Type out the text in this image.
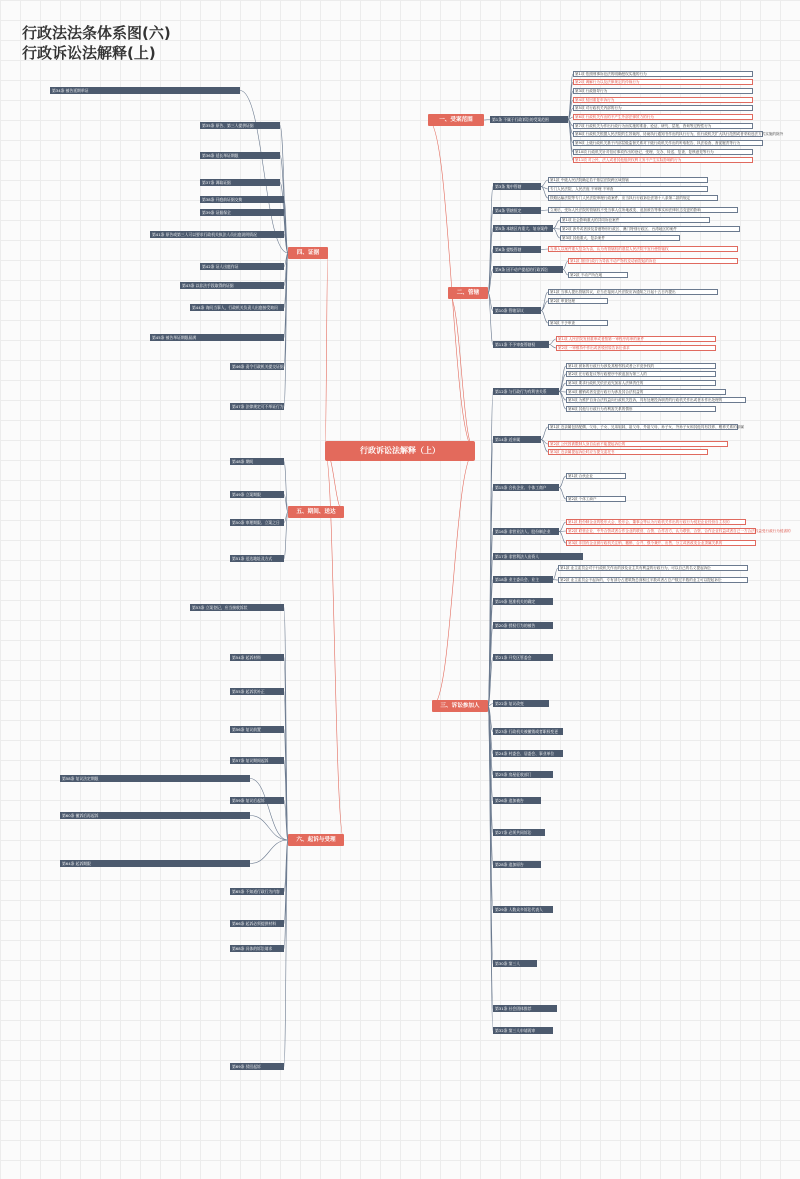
行政法法条体系图(六)
行政诉讼法解释(上)
行政诉讼法解释（上）
一、受案范围
二、管辖
三、诉讼参加人
四、证据
五、期间、送达
六、起诉与受理
第1条 不属于行政诉讼的受案范围
第1项 依照刑事诉讼法的明确授权实施的行为
第2项 调解行为以及法律规定的仲裁行为
第3项 行政指导行为
第4项 驳回重复申诉行为
第5项 对行政机关内部的行为
第6项 行政机关作出的不产生外部法律效力的行为
第7项 行政机关为作出行政行为而实施的准备、论证、研究、层报、咨询等过程性行为
第8项 行政机关根据人民法院的生效裁判、协助执行通知书作出的执行行为，但行政机关扩大执行范围或者采取违法方式实施的除外
第9项 上级行政机关基于内部层级监督关系对下级行政机关作出的听取报告、执法检查、督促履责等行为
第10项 行政机关针对信访事项作出的登记、受理、交办、转送、复查、复核意见等行为
第11项 对公民、法人或者其他组织权利义务不产生实际影响的行为
第3条 集中管辖
第1款 中级人民法院确定若干基层法院跨区域管辖
专门人民法院、人民法庭 不审理 不审查
铁路运输法院等专门人民法院审理行政案件，应当执行行政诉讼法第十八条第二款的规定
第4条 管辖恒定	立案后，受诉人民法院的管辖权不受当事人住所地改变、追加被告等事实和法律状态变更的影响
第5条 本辖区内重大、复杂案件
第1项 社会影响重大的共同诉讼案件
第2项 涉外或者涉及香港特别行政区、澳门特别行政区、台湾地区的案件
第3项 其他重大、复杂案件
第6条 提级管辖	当事人以案件重大复杂为由，认为有管辖权的基层人民法院不宜行使管辖权
第9条 因不动产提起的行政诉讼
第1款 指因行政行为导致不动产物权变动而提起的诉讼
第2款 不动产所在地
第10条 管辖异议
第1款 当事人提出管辖异议，应当在接到人民法院应诉通知之日起十五日内提出
第2款 审查处理
第3款 不予审查
第11条 不予审查管辖权
第1项 人民法院发回重审或者按第一审程序再审的案件
第2项 一审维持中作出或者驳回原告诉讼请求
第12条 与行政行为有利害关系
第1项 被诉的行政行为涉及其相邻权或者公平竞争权的
第2项 在行政复议等行政程序中被追加为第三人的
第3项 要求行政机关依法追究加害人法律责任的
第4项 撤销或者变更行政行为涉及其合法权益的
第5项 为维护自身合法权益向行政机关投诉，具有处理投诉职责的行政机关作出或者未作出处理的
第6项 其他与行政行为有利害关系的情形
第14条 近亲属
第1款 近亲属包括配偶、父母、子女、兄弟姐妹、祖父母、外祖父母、孙子女、外孙子女和其他具有扶养、赡养关系的亲属
第2款 公民因被限制人身自由而不能提起诉讼的
第3款 近亲属提起诉讼时应当提交委托书
第15条 合伙企业、个体工商户
第1款 合伙企业
第2款 个体工商户
第16条 非营业法人、股份制企业
第1款 股份制企业的股东大会、股东会、董事会等认为行政机关作出的行政行为侵犯企业经营自主权的
第2款 联营企业、中外合资或者合作企业的联营、合资、合作各方，认为联营、合资、合作企业权益或者自己一方合法权益受行政行为侵害的
第3款 非国有企业被行政机关注销、撤销、合并、强令兼并、出售、分立或者改变企业隶属关系的
第17条 非营利法人出资人
第18条 业主委员会、业主
第1款 业主委员会对于行政机关作出的涉及业主共有利益的行政行为，可以自己的名义提起诉讼
第2款 业主委员会不起诉的，专有部分占建筑物总面积过半数或者占总户数过半数的业主可以提起诉讼
第19条 批准机关的确定
第20条 授权行为的被告
第21条 开发区管委会
第22条 复议改变
第23条 行政机关被撤销或者职权变更
第24条 村委会、居委会、事业单位
第25条 房屋征收部门
第26条 追加被告
第27条 必须共同诉讼
第28条 追加原告
第29条 人数众多诉讼代表人
第30条 第三人
第31条 社会团体推荐
第32条 第三人申请再审
第34条 被告延期举证
第35条 原告、第三人提供证据
第36条 延长举证期限
第37条 调取证据
第38条 开庭前证据交换
第39条 证据保全
第41条 原告或第三人可以要求行政机关执法人员出庭说明情况
第42条 证人出庭作证
第43条 以非法手段取得的证据
第44条 询问当事人，行政机关负责人出庭接受询问
第45条 被告举证期限届满
第46条 责令行政机关提交证据
第47条 法律规定可不举证行为
第48条 期间
第49条 立案期限
第50条 审理期限、立案之日
第51条 送达地址及方式
第53条 立案登记，应当接收诉状
第54条 起诉材料
第55条 起诉状补正
第56条 复议前置
第57条 复议期间起诉
第58条 复议法定期限
第59条 复议后起诉
第60条 撤诉后再起诉
第64条 起诉期限
第65条 不知道行政行为内容
第66条 起诉必须提供材料
第68条 具体的诉讼请求
第69条 驳回起诉
